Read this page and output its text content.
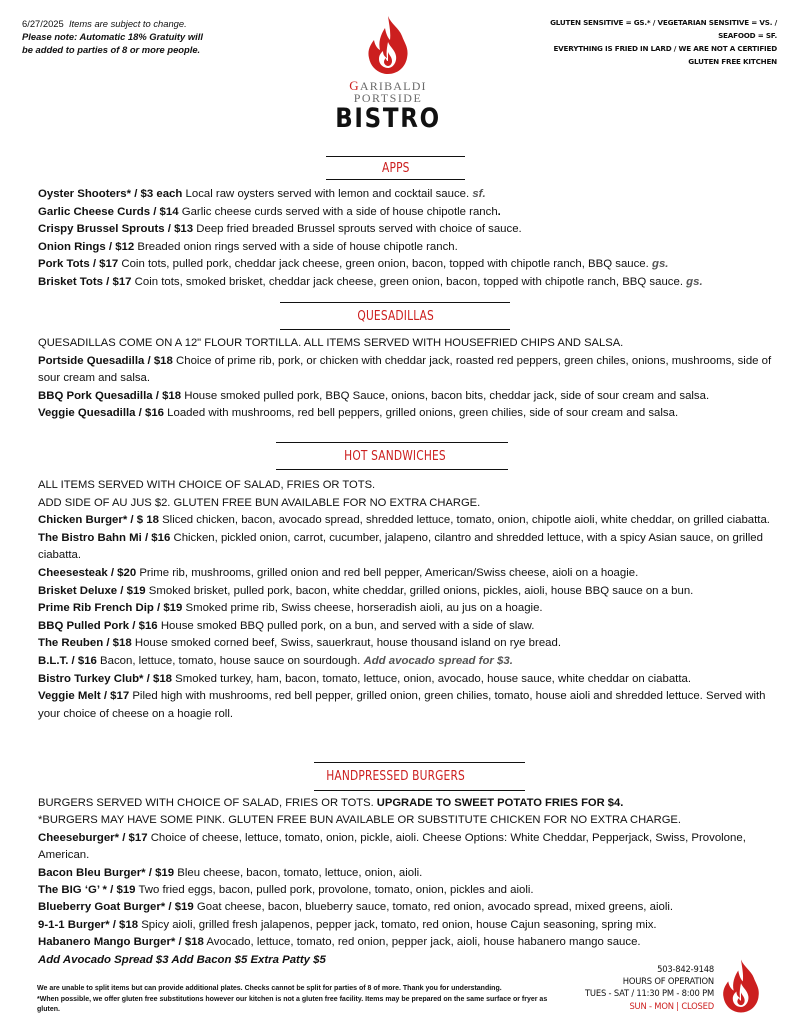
6/27/2025 Items are subject to change.
Please note: Automatic 18% Gratuity will
be added to parties of 8 or more people.
GLUTEN SENSITIVE = GS.* / VEGETARIAN SENSITIVE = VS. / SEAFOOD = SF.
EVERYTHING IS FRIED IN LARD / WE ARE NOT A CERTIFIED GLUTEN FREE KITCHEN
GARIBALDI
PORTSIDE
BISTRO
APPS

Oyster Shooters* / $3 each Local raw oysters served with lemon and cocktail sauce. sf.

Garlic Cheese Curds / $14 Garlic cheese curds served with a side of house chipotle ranch.

Crispy Brussel Sprouts / $13 Deep fried breaded Brussel sprouts served with choice of sauce.

Onion Rings / $12 Breaded onion rings served with a side of house chipotle ranch.

Pork Tots / $17 Coin tots, pulled pork, cheddar jack cheese, green onion, bacon, topped with chipotle ranch, BBQ sauce. gs.

Brisket Tots / $17 Coin tots, smoked brisket, cheddar jack cheese, green onion, bacon, topped with chipotle ranch, BBQ sauce. gs.

QUESADILLAS

QUESADILLAS COME ON A 12" FLOUR TORTILLA. ALL ITEMS SERVED WITH HOUSEFRIED CHIPS AND SALSA.

Portside Quesadilla / $18 Choice of prime rib, pork, or chicken with cheddar jack, roasted red peppers, green chiles, onions, mushrooms, side of sour cream and salsa.

BBQ Pork Quesadilla / $18 House smoked pulled pork, BBQ Sauce, onions, bacon bits, cheddar jack, side of sour cream and salsa.

Veggie Quesadilla / $16 Loaded with mushrooms, red bell peppers, grilled onions, green chilies, side of sour cream and salsa.

HOT SANDWICHES

ALL ITEMS SERVED WITH CHOICE OF SALAD, FRIES OR TOTS.

ADD SIDE OF AU JUS $2. GLUTEN FREE BUN AVAILABLE FOR NO EXTRA CHARGE.

Chicken Burger* / $ 18 Sliced chicken, bacon, avocado spread, shredded lettuce, tomato, onion, chipotle aioli, white cheddar, on grilled ciabatta.

The Bistro Bahn Mi / $16 Chicken, pickled onion, carrot, cucumber, jalapeno, cilantro and shredded lettuce, with a spicy Asian sauce, on grilled ciabatta.

Cheesesteak / $20 Prime rib, mushrooms, grilled onion and red bell pepper, American/Swiss cheese, aioli on a hoagie.

Brisket Deluxe / $19 Smoked brisket, pulled pork, bacon, white cheddar, grilled onions, pickles, aioli, house BBQ sauce on a bun.

Prime Rib French Dip / $19 Smoked prime rib, Swiss cheese, horseradish aioli, au jus on a hoagie.

BBQ Pulled Pork / $16 House smoked BBQ pulled pork, on a bun, and served with a side of slaw.

The Reuben / $18 House smoked corned beef, Swiss, sauerkraut, house thousand island on rye bread.

B.L.T. / $16 Bacon, lettuce, tomato, house sauce on sourdough. Add avocado spread for $3.

Bistro Turkey Club* / $18 Smoked turkey, ham, bacon, tomato, lettuce, onion, avocado, house sauce, white cheddar on ciabatta.

Veggie Melt / $17 Piled high with mushrooms, red bell pepper, grilled onion, green chilies, tomato, house aioli and shredded lettuce. Served with your choice of cheese on a hoagie roll.

HANDPRESSED BURGERS

BURGERS SERVED WITH CHOICE OF SALAD, FRIES OR TOTS. UPGRADE TO SWEET POTATO FRIES FOR $4.

*BURGERS MAY HAVE SOME PINK. GLUTEN FREE BUN AVAILABLE OR SUBSTITUTE CHICKEN FOR NO EXTRA CHARGE.

Cheeseburger* / $17 Choice of cheese, lettuce, tomato, onion, pickle, aioli. Cheese Options: White Cheddar, Pepperjack, Swiss, Provolone, American.

Bacon Bleu Burger* / $19 Bleu cheese, bacon, tomato, lettuce, onion, aioli.

The BIG ‘G’ * / $19 Two fried eggs, bacon, pulled pork, provolone, tomato, onion, pickles and aioli.

Blueberry Goat Burger* / $19 Goat cheese, bacon, blueberry sauce, tomato, red onion, avocado spread, mixed greens, aioli.

9-1-1 Burger* / $18 Spicy aioli, grilled fresh jalapenos, pepper jack, tomato, red onion, house Cajun seasoning, spring mix.

Habanero Mango Burger* / $18 Avocado, lettuce, tomato, red onion, pepper jack, aioli, house habanero mango sauce.

Add Avocado Spread $3 Add Bacon $5 Extra Patty $5

We are unable to split items but can provide additional plates. Checks cannot be split for parties of 8 of more. Thank you for understanding.
*When possible, we offer gluten free substitutions however our kitchen is not a gluten free facility. Items may be prepared on the same surface or fryer as gluten.
503-842-9148
HOURS OF OPERATION
TUES - SAT / 11:30 PM - 8:00 PM
SUN - MON | CLOSED
